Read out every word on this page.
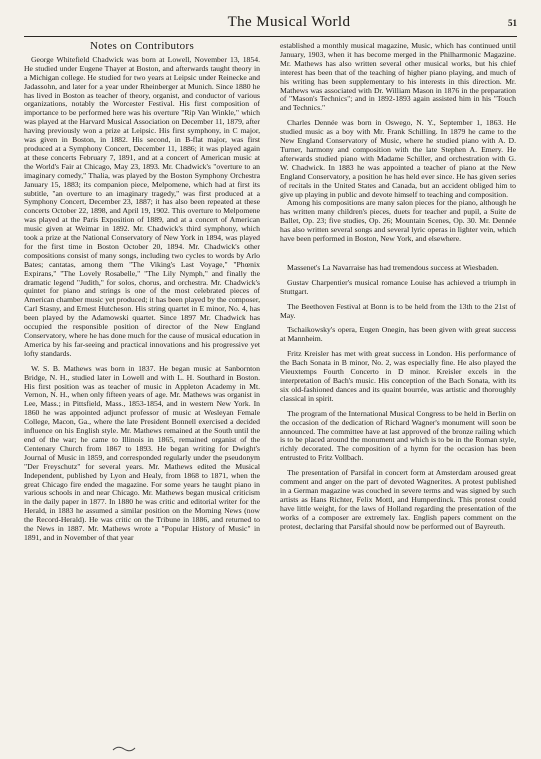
The Musical World	51
Notes on Contributors

George Whitefield Chadwick was born at Lowell, November 13, 1854. He studied under Eugene Thayer at Boston, and afterwards taught theory in a Michigan college. He studied for two years at Leipsic under Reinecke and Jadassohn, and later for a year under Rheinberger at Munich. Since 1880 he has lived in Boston as teacher of theory, organist, and conductor of various organizations, notably the Worcester Festival. His first composition of importance to be performed here was his overture "Rip Van Winkle," which was played at the Harvard Musical Association on December 11, 1879, after having previously won a prize at Leipsic. His first symphony, in C major, was given in Boston, in 1882. His second, in B-flat major, was first produced at a Symphony Concert, December 11, 1886; it was played again at these concerts February 7, 1891, and at a concert of American music at the World's Fair at Chicago, May 23, 1893. Mr. Chadwick's "overture to an imaginary comedy," Thalia, was played by the Boston Symphony Orchestra January 15, 1883; its companion piece, Melpomene, which had at first its subtitle, "an overture to an imaginary tragedy," was first produced at a Symphony Concert, December 23, 1887; it has also been repeated at these concerts October 22, 1898, and April 19, 1902. This overture to Melpomene was played at the Paris Exposition of 1889, and at a concert of American music given at Weimar in 1892. Mr. Chadwick's third symphony, which took a prize at the National Conservatory of New York in 1894, was played for the first time in Boston October 20, 1894. Mr. Chadwick's other compositions consist of many songs, including two cycles to words by Arlo Bates; cantatas, among them "The Viking's Last Voyage," "Phœnix Expirans," "The Lovely Rosabelle," "The Lily Nymph," and finally the dramatic legend "Judith," for solos, chorus, and orchestra. Mr. Chadwick's quintet for piano and strings is one of the most celebrated pieces of American chamber music yet produced; it has been played by the composer, Carl Stasny, and Ernest Hutcheson. His string quartet in E minor, No. 4, has been played by the Adamowski quartet. Since 1897 Mr. Chadwick has occupied the responsible position of director of the New England Conservatory, where he has done much for the cause of musical education in America by his far-seeing and practical innovations and his progressive yet lofty standards.

W. S. B. Mathews was born in 1837. He began music at Sanbornton Bridge, N. H., studied later in Lowell and with L. H. Southard in Boston. His first position was as teacher of music in Appleton Academy in Mt. Vernon, N. H., when only fifteen years of age. Mr. Mathews was organist in Lee, Mass.; in Pittsfield, Mass., 1853-1854, and in western New York. In 1860 he was appointed adjunct professor of music at Wesleyan Female College, Macon, Ga., where the late President Bonnell exercised a decided influence on his English style. Mr. Mathews remained at the South until the end of the war; he came to Illinois in 1865, remained organist of the Centenary Church from 1867 to 1893. He began writing for Dwight's Journal of Music in 1859, and corresponded regularly under the pseudonym "Der Freyschutz" for several years. Mr. Mathews edited the Musical Independent, published by Lyon and Healy, from 1868 to 1871, when the great Chicago fire ended the magazine. For some years he taught piano in various schools in and near Chicago. Mr. Mathews began musical criticism in the daily paper in 1877. In 1880 he was critic and editorial writer for the Herald, in 1883 he assumed a similar position on the Morning News (now the Record-Herald). He was critic on the Tribune in 1886, and returned to the News in 1887. Mr. Mathews wrote a "Popular History of Music" in 1891, and in November of that year

established a monthly musical magazine, Music, which has continued until January, 1903, when it has become merged in the Philharmonic Magazine. Mr. Mathews has also written several other musical works, but his chief interest has been that of the teaching of higher piano playing, and much of his writing has been supplementary to his interests in this direction. Mr. Mathews was associated with Dr. William Mason in 1876 in the preparation of "Mason's Technics"; and in 1892-1893 again assisted him in his "Touch and Technics."

Charles Dennée was born in Oswego, N. Y., September 1, 1863. He studied music as a boy with Mr. Frank Schilling. In 1879 he came to the New England Conservatory of Music, where he studied piano with A. D. Turner, harmony and composition with the late Stephen A. Emery. He afterwards studied piano with Madame Schiller, and orchestration with G. W. Chadwick. In 1883 he was appointed a teacher of piano at the New England Conservatory, a position he has held ever since. He has given series of recitals in the United States and Canada, but an accident obliged him to give up playing in public and devote himself to teaching and composition.

Among his compositions are many salon pieces for the piano, although he has written many children's pieces, duets for teacher and pupil, a Suite de Ballet, Op. 23; five studies, Op. 26; Mountain Scenes, Op. 30. Mr. Dennée has also written several songs and several lyric operas in lighter vein, which have been performed in Boston, New York, and elsewhere.

Massenet's La Navarraise has had tremendous success at Wiesbaden.

Gustav Charpentier's musical romance Louise has achieved a triumph in Stuttgart.

The Beethoven Festival at Bonn is to be held from the 13th to the 21st of May.

Tschaikowsky's opera, Eugen Onegin, has been given with great success at Mannheim.

Fritz Kreisler has met with great success in London. His performance of the Bach Sonata in B minor, No. 2, was especially fine. He also played the Vieuxtemps Fourth Concerto in D minor. Kreisler excels in the interpretation of Bach's music. His conception of the Bach Sonata, with its six old-fashioned dances and its quaint bourrée, was artistic and thoroughly classical in spirit.

The program of the International Musical Congress to be held in Berlin on the occasion of the dedication of Richard Wagner's monument will soon be announced. The committee have at last approved of the bronze railing which is to be placed around the monument and which is to be in the Roman style, richly decorated. The composition of a hymn for the occasion has been entrusted to Fritz Vollbach.

The presentation of Parsifal in concert form at Amsterdam aroused great comment and anger on the part of devoted Wagnerites. A protest published in a German magazine was couched in severe terms and was signed by such artists as Hans Richter, Felix Mottl, and Humperdinck. This protest could have little weight, for the laws of Holland regarding the presentation of the works of a composer are extremely lax. English papers comment on the protest, declaring that Parsifal should now be performed out of Bayreuth.
